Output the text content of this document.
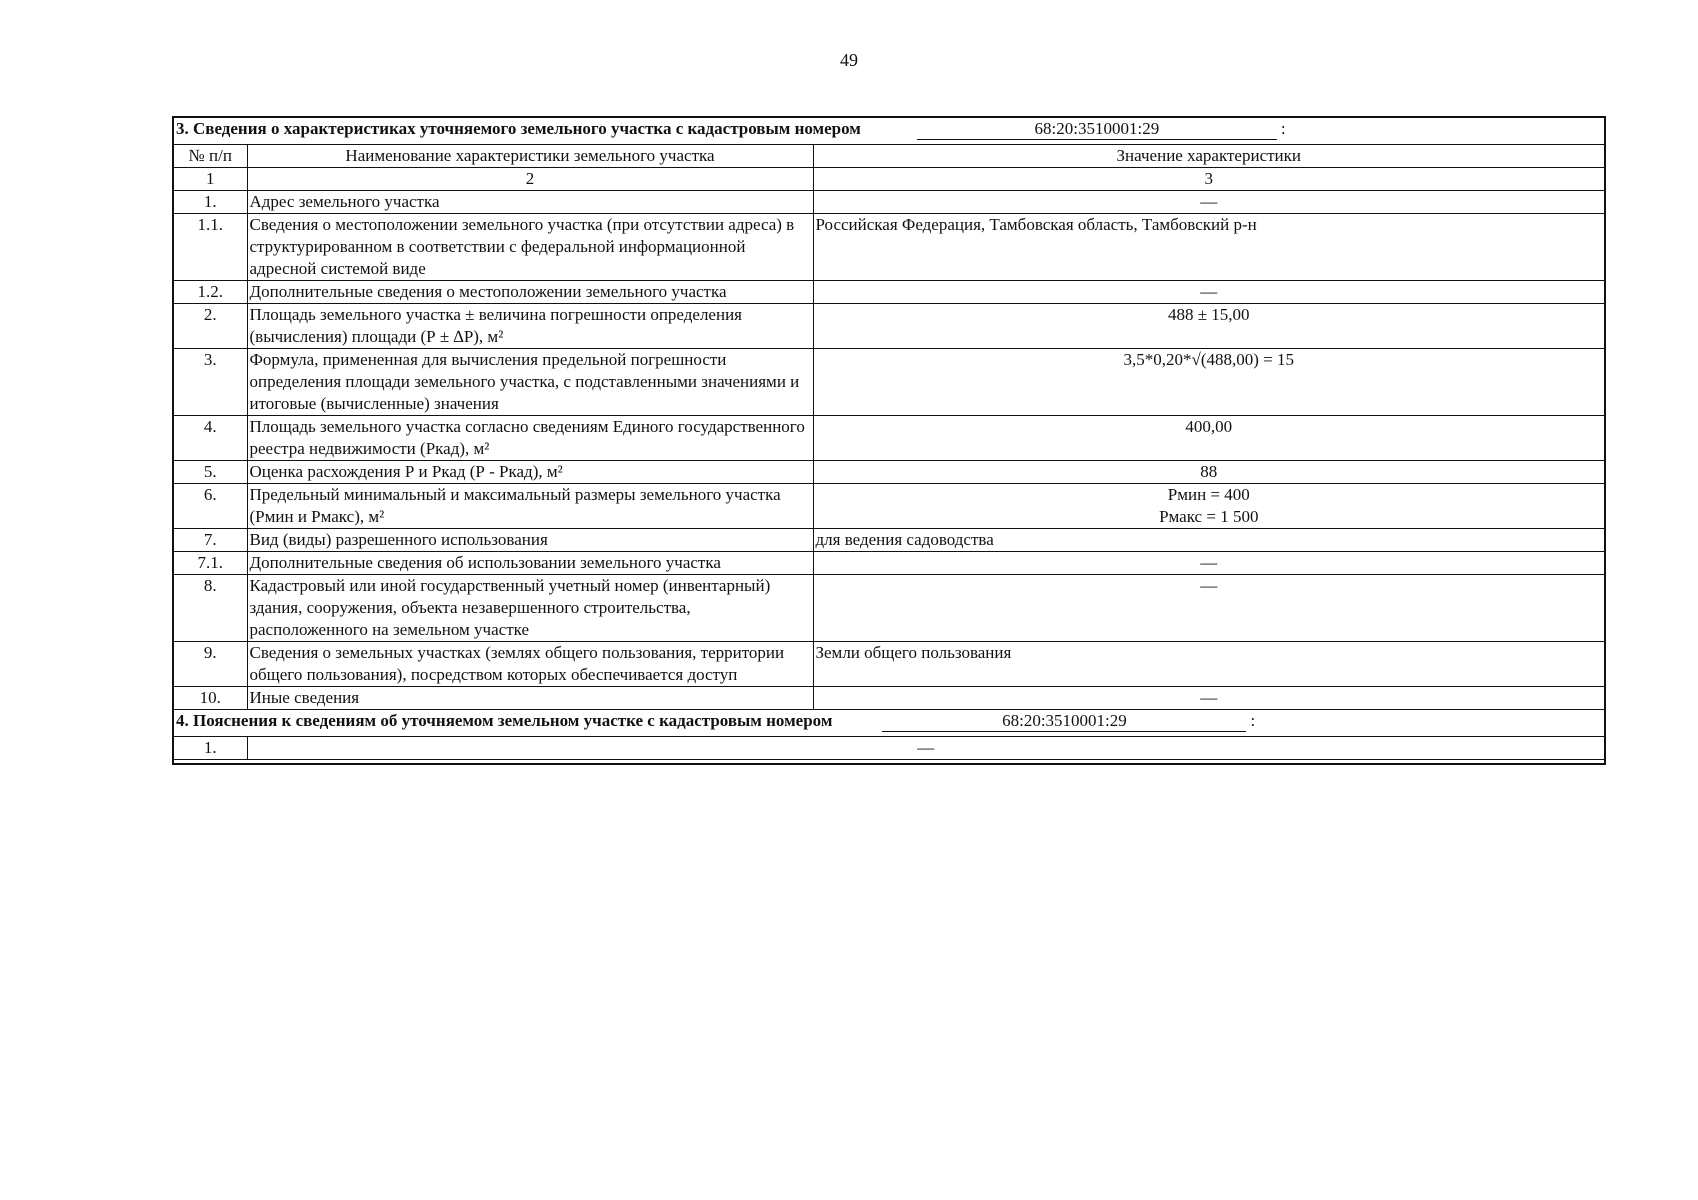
49
3. Сведения о характеристиках уточняемого земельного участка с кадастровым номером 68:20:3510001:29 :		

№ п/п	Наименование характеристики земельного участка	Значение характеристики
1	2	3
1.	Адрес земельного участка	—
1.1.	Сведения о местоположении земельного участка (при отсутствии адреса) в структурированном в соответствии с федеральной информационной адресной системой виде	Российская Федерация, Тамбовская область, Тамбовский р-н
1.2.	Дополнительные сведения о местоположении земельного участка	—
2.	Площадь земельного участка ± величина погрешности определения (вычисления) площади (Р ± ∆Р), м²	488 ± 15,00
3.	Формула, примененная для вычисления предельной погрешности определения площади земельного участка, с подставленными значениями и итоговые (вычисленные) значения	3,5*0,20*√(488,00) = 15
4.	Площадь земельного участка согласно сведениям Единого государственного реестра недвижимости (Ркад), м²	400,00
5.	Оценка расхождения Р и Ркад (Р - Ркад), м²	88
6.	Предельный минимальный и максимальный размеры земельного участка (Рмин и Рмакс), м²	Рмин = 400
Рмакс = 1 500

7.	Вид (виды) разрешенного использования	для ведения садоводства
7.1.	Дополнительные сведения об использовании земельного участка	—
8.	Кадастровый или иной государственный учетный номер (инвентарный) здания, сооружения, объекта незавершенного строительства, расположенного на земельном участке	—
9.	Сведения о земельных участках (землях общего пользования, территории общего пользования), посредством которых обеспечивается доступ	Земли общего пользования
10.	Иные сведения	—

4. Пояснения к сведениям об уточняемом земельном участке с кадастровым номером 68:20:3510001:29 :		

1.	—	
